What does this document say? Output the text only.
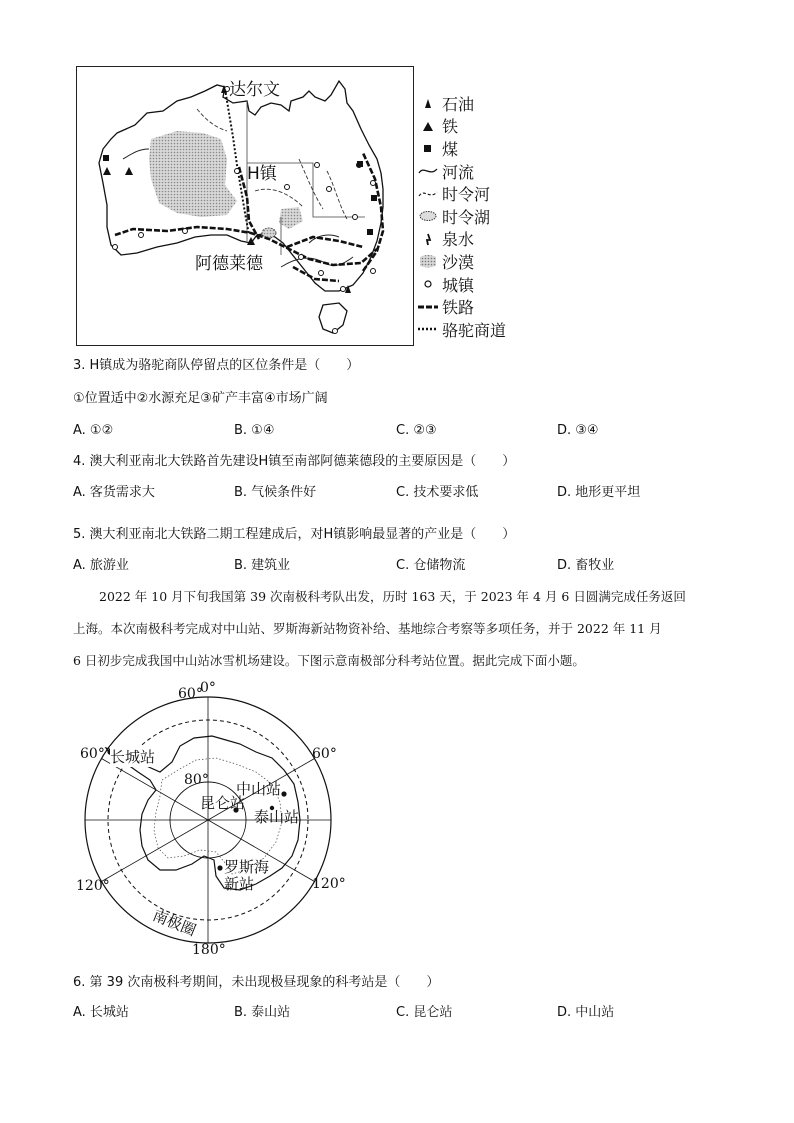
达尔文
H镇
阿德莱德
石油
铁
煤
河流
时令河
时令湖
泉水
沙漠
城镇
铁路
骆驼商道
3. H镇成为骆驼商队停留点的区位条件是（　　）
①位置适中②水源充足③矿产丰富④市场广阔
A. ①②	B. ①④	C. ②③	D. ③④
4. 澳大利亚南北大铁路首先建设H镇至南部阿德莱德段的主要原因是（　　）
A. 客货需求大	B. 气候条件好	C. 技术要求低	D. 地形更平坦
5. 澳大利亚南北大铁路二期工程建成后，对H镇影响最显著的产业是（　　）
A. 旅游业	B. 建筑业	C. 仓储物流	D. 畜牧业
2022 年 10 月下旬我国第 39 次南极科考队出发，历时 163 天，于 2023 年 4 月 6 日圆满完成任务返回
上海。本次南极科考完成对中山站、罗斯海新站物资补给、基地综合考察等多项任务，并于 2022 年 11 月
6 日初步完成我国中山站冰雪机场建设。下图示意南极部分科考站位置。据此完成下面小题。
60°
0°
60° 长城站	60°
80° 中山站
昆仑站
泰山站
罗斯海
新站
120°	120°
南极圈
180°
6. 第 39 次南极科考期间，未出现极昼现象的科考站是（　　）
A. 长城站	B. 泰山站	C. 昆仑站	D. 中山站
